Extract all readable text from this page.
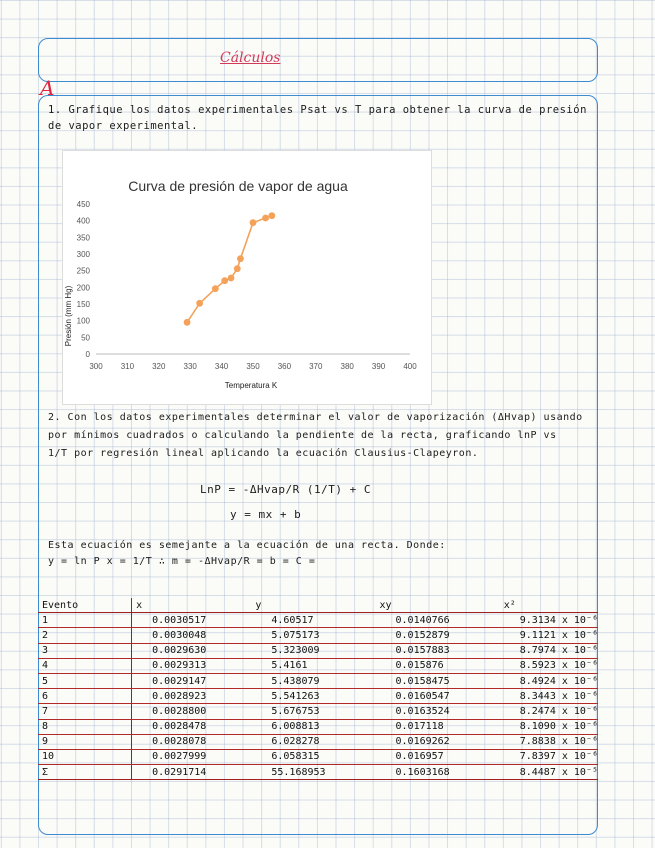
Cálculos
A
1. Grafique los datos experimentales Psat vs T para obtener la curva de presión
de vapor experimental.
Curva de presión de vapor de agua
0
50
100
150
200
250
300
350
400
450
300 310 320 330 340 350 360 370 380 390 400
Temperatura K
Presión (mm Hg)
2. Con los datos experimentales determinar el valor de vaporización (ΔHvap) usando
por mínimos cuadrados o calculando la pendiente de la recta, graficando lnP vs
1/T por regresión lineal aplicando la ecuación Clausius-Clapeyron.
LnP = -ΔHvap/R (1/T) + C
y = mx + b
Esta ecuación es semejante a la ecuación de una recta. Donde:
y = ln P x = 1/T ∴ m = -ΔHvap/R = b = C =
Evento	x	y	xy	x²
1	0.0030517	4.60517	0.0140766	9.3134 x 10⁻⁶
2	0.0030048	5.075173	0.0152879	9.1121 x 10⁻⁶
3	0.0029630	5.323009	0.0157883	8.7974 x 10⁻⁶
4	0.0029313	5.4161	0.015876	8.5923 x 10⁻⁶
5	0.0029147	5.438079	0.0158475	8.4924 x 10⁻⁶
6	0.0028923	5.541263	0.0160547	8.3443 x 10⁻⁶
7	0.0028800	5.676753	0.0163524	8.2474 x 10⁻⁶
8	0.0028478	6.008813	0.017118	8.1090 x 10⁻⁶
9	0.0028078	6.028278	0.0169262	7.8838 x 10⁻⁶
10	0.0027999	6.058315	0.016957	7.8397 x 10⁻⁶
Σ	0.0291714	55.168953	0.1603168	8.4487 x 10⁻⁵
